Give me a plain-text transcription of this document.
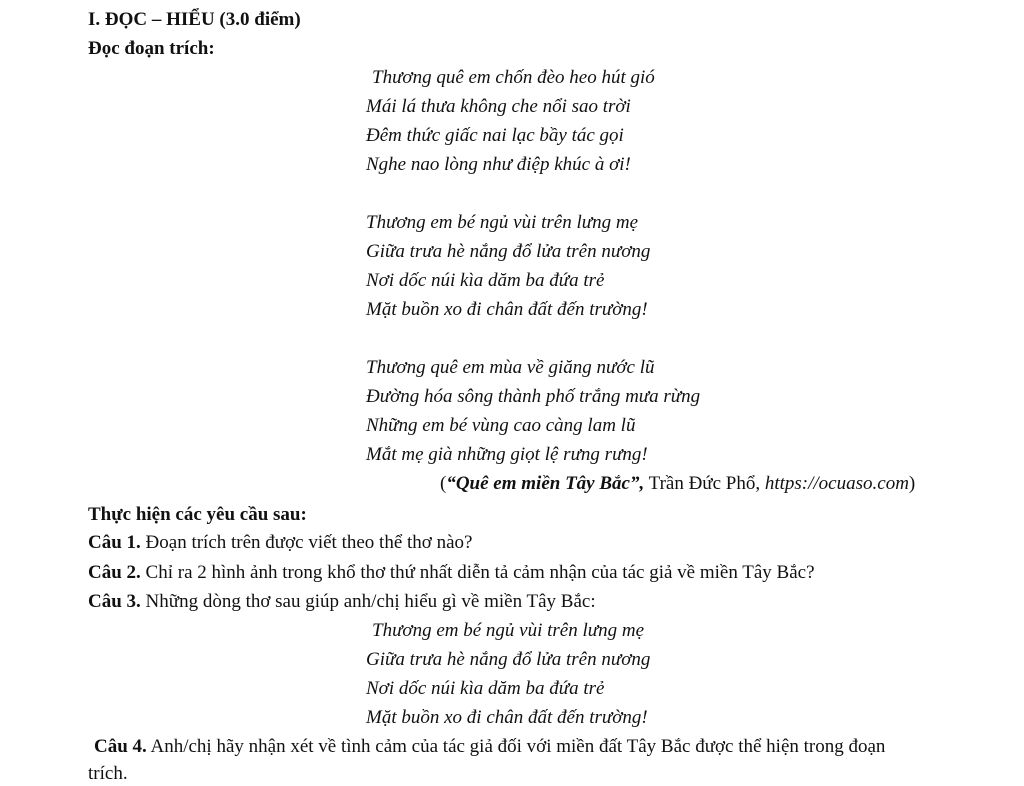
I. ĐỌC – HIỂU (3.0 điểm)
Đọc đoạn trích:
Thương quê em chốn đèo heo hút gió
Mái lá thưa không che nổi sao trời
Đêm thức giấc nai lạc bầy tác gọi
Nghe nao lòng như điệp khúc à ơi!
Thương em bé ngủ vùi trên lưng mẹ
Giữa trưa hè nắng đổ lửa trên nương
Nơi dốc núi kìa dăm ba đứa trẻ
Mặt buồn xo đi chân đất đến trường!
Thương quê em mùa về giăng nước lũ
Đường hóa sông thành phố trắng mưa rừng
Những em bé vùng cao càng lam lũ
Mắt mẹ già những giọt lệ rưng rưng!
(“Quê em miền Tây Bắc”, Trần Đức Phổ, https://ocuaso.com)
Thực hiện các yêu cầu sau:
Câu 1. Đoạn trích trên được viết theo thể thơ nào?
Câu 2. Chỉ ra 2 hình ảnh trong khổ thơ thứ nhất diễn tả cảm nhận của tác giả về miền Tây Bắc?
Câu 3. Những dòng thơ sau giúp anh/chị hiểu gì về miền Tây Bắc:
Thương em bé ngủ vùi trên lưng mẹ
Giữa trưa hè nắng đổ lửa trên nương
Nơi dốc núi kìa dăm ba đứa trẻ
Mặt buồn xo đi chân đất đến trường!
Câu 4. Anh/chị hãy nhận xét về tình cảm của tác giả đối với miền đất Tây Bắc được thể hiện trong đoạn
trích.
